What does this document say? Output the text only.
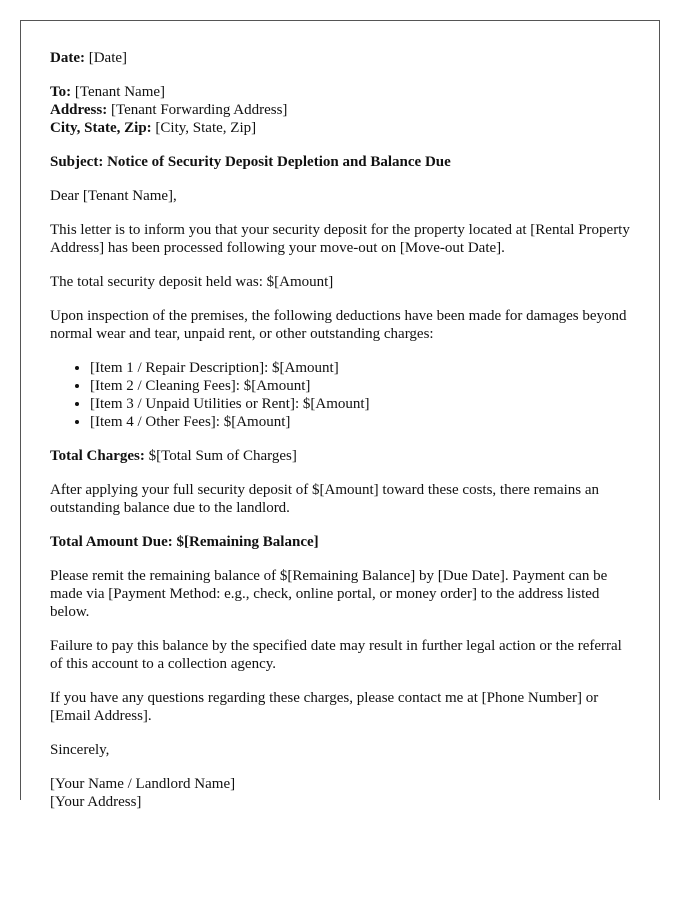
Date: [Date]

To: [Tenant Name]
Address: [Tenant Forwarding Address]
City, State, Zip: [City, State, Zip]

Subject: Notice of Security Deposit Depletion and Balance Due

Dear [Tenant Name],

This letter is to inform you that your security deposit for the property located at [Rental Property Address] has been processed following your move-out on [Move-out Date].

The total security deposit held was: $[Amount]

Upon inspection of the premises, the following deductions have been made for damages beyond normal wear and tear, unpaid rent, or other outstanding charges:

• [Item 1 / Repair Description]: $[Amount]
• [Item 2 / Cleaning Fees]: $[Amount]
• [Item 3 / Unpaid Utilities or Rent]: $[Amount]
• [Item 4 / Other Fees]: $[Amount]

Total Charges: $[Total Sum of Charges]

After applying your full security deposit of $[Amount] toward these costs, there remains an outstanding balance due to the landlord.

Total Amount Due: $[Remaining Balance]

Please remit the remaining balance of $[Remaining Balance] by [Due Date]. Payment can be made via [Payment Method: e.g., check, online portal, or money order] to the address listed below.

Failure to pay this balance by the specified date may result in further legal action or the referral of this account to a collection agency.

If you have any questions regarding these charges, please contact me at [Phone Number] or [Email Address].

Sincerely,

[Your Name / Landlord Name]
[Your Address]
